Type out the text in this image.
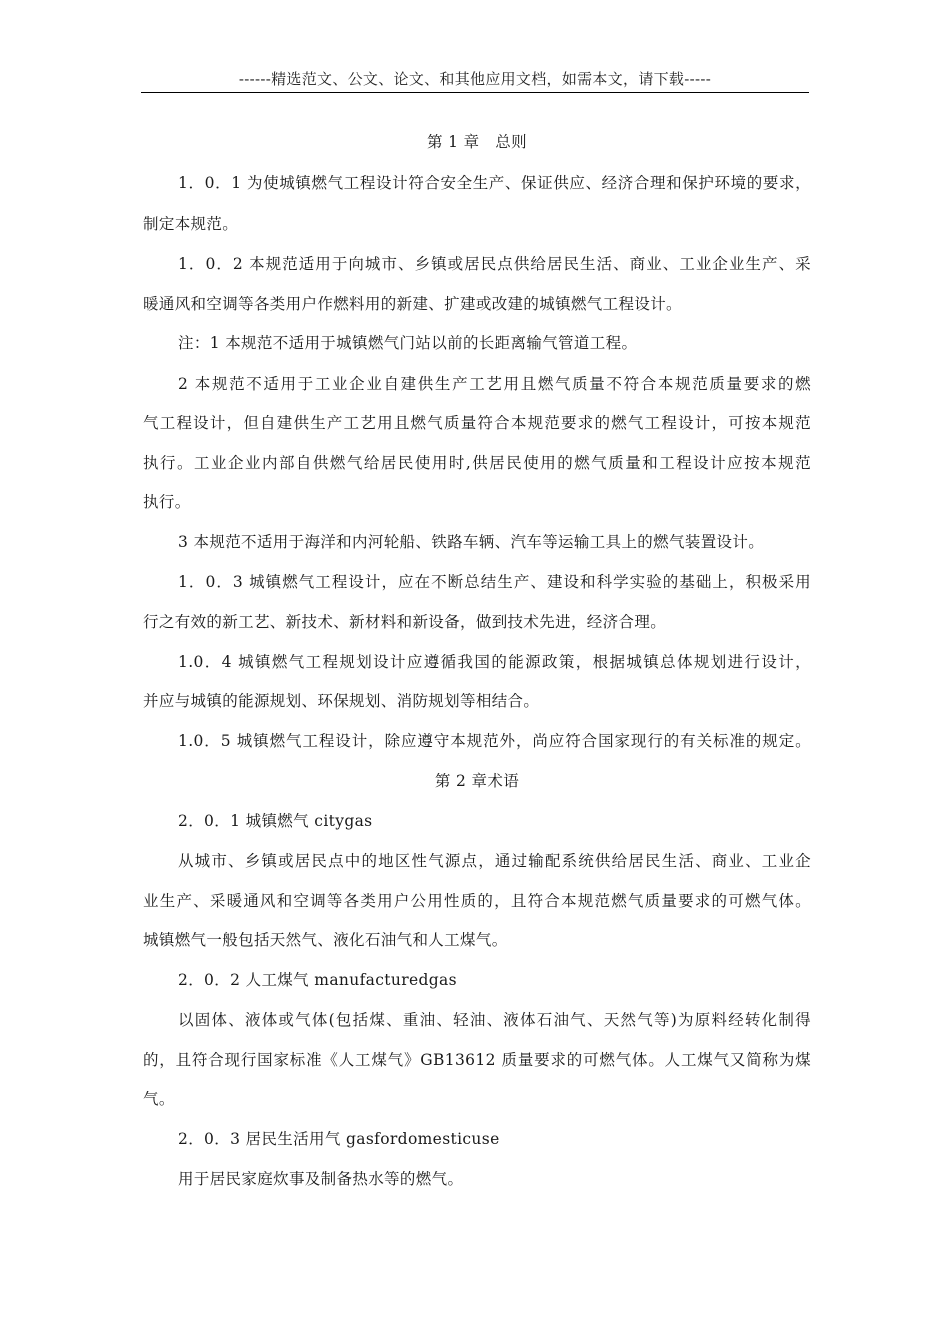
------精选范文、公文、论文、和其他应用文档，如需本文，请下载-----
第 1 章　总则
1．0．1 为使城镇燃气工程设计符合安全生产、保证供应、经济合理和保护环境的要求，
制定本规范。
1．0．2 本规范适用于向城市、乡镇或居民点供给居民生活、商业、工业企业生产、采
暖通风和空调等各类用户作燃料用的新建、扩建或改建的城镇燃气工程设计。
注：1 本规范不适用于城镇燃气门站以前的长距离输气管道工程。
2 本规范不适用于工业企业自建供生产工艺用且燃气质量不符合本规范质量要求的燃
气工程设计，但自建供生产工艺用且燃气质量符合本规范要求的燃气工程设计，可按本规范
执行。工业企业内部自供燃气给居民使用时,供居民使用的燃气质量和工程设计应按本规范
执行。
3 本规范不适用于海洋和内河轮船、铁路车辆、汽车等运输工具上的燃气装置设计。
1．0．3 城镇燃气工程设计，应在不断总结生产、建设和科学实验的基础上，积极采用
行之有效的新工艺、新技术、新材料和新设备，做到技术先进，经济合理。
1.0．4 城镇燃气工程规划设计应遵循我国的能源政策，根据城镇总体规划进行设计，
并应与城镇的能源规划、环保规划、消防规划等相结合。
1.0．5 城镇燃气工程设计，除应遵守本规范外，尚应符合国家现行的有关标准的规定。
第 2 章术语
2．0．1 城镇燃气 citygas
从城市、乡镇或居民点中的地区性气源点，通过输配系统供给居民生活、商业、工业企
业生产、采暖通风和空调等各类用户公用性质的，且符合本规范燃气质量要求的可燃气体。
城镇燃气一般包括天然气、液化石油气和人工煤气。
2．0．2 人工煤气 manufacturedgas
以固体、液体或气体(包括煤、重油、轻油、液体石油气、天然气等)为原料经转化制得
的，且符合现行国家标准《人工煤气》GB13612 质量要求的可燃气体。人工煤气又简称为煤
气。
2．0．3 居民生活用气 gasfordomesticuse
用于居民家庭炊事及制备热水等的燃气。
